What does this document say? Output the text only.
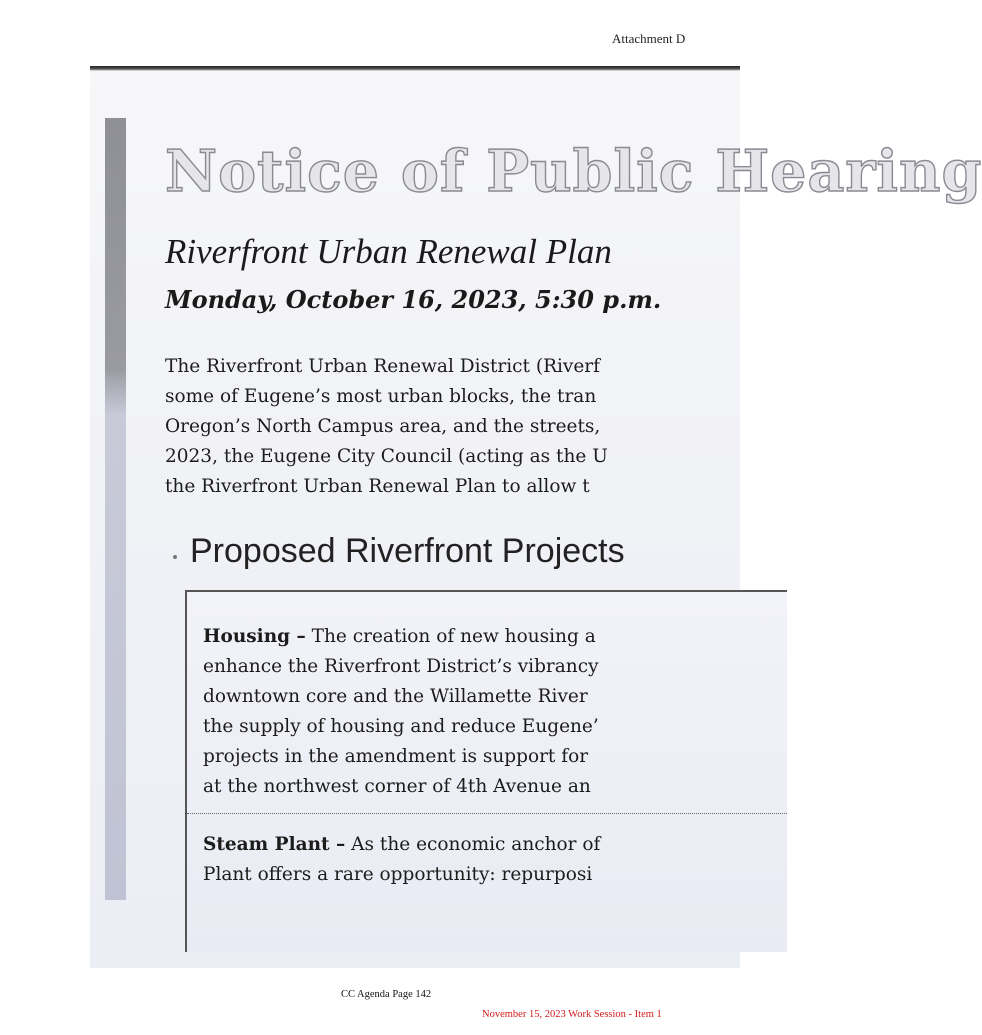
Attachment D
Notice of Public Hearing
Riverfront Urban Renewal Plan
Monday, October 16, 2023, 5:30 p.m.
The Riverfront Urban Renewal District (Riverf
some of Eugene’s most urban blocks, the tran
Oregon’s North Campus area, and the streets,
2023, the Eugene City Council (acting as the U
the Riverfront Urban Renewal Plan to allow t
Proposed Riverfront Projects
Housing – The creation of new housing a
enhance the Riverfront District’s vibrancy
downtown core and the Willamette River
the supply of housing and reduce Eugene’
projects in the amendment is support for
at the northwest corner of 4th Avenue an
Steam Plant – As the economic anchor of
Plant offers a rare opportunity: repurposi
CC Agenda Page 142
November 15, 2023 Work Session - Item 1
